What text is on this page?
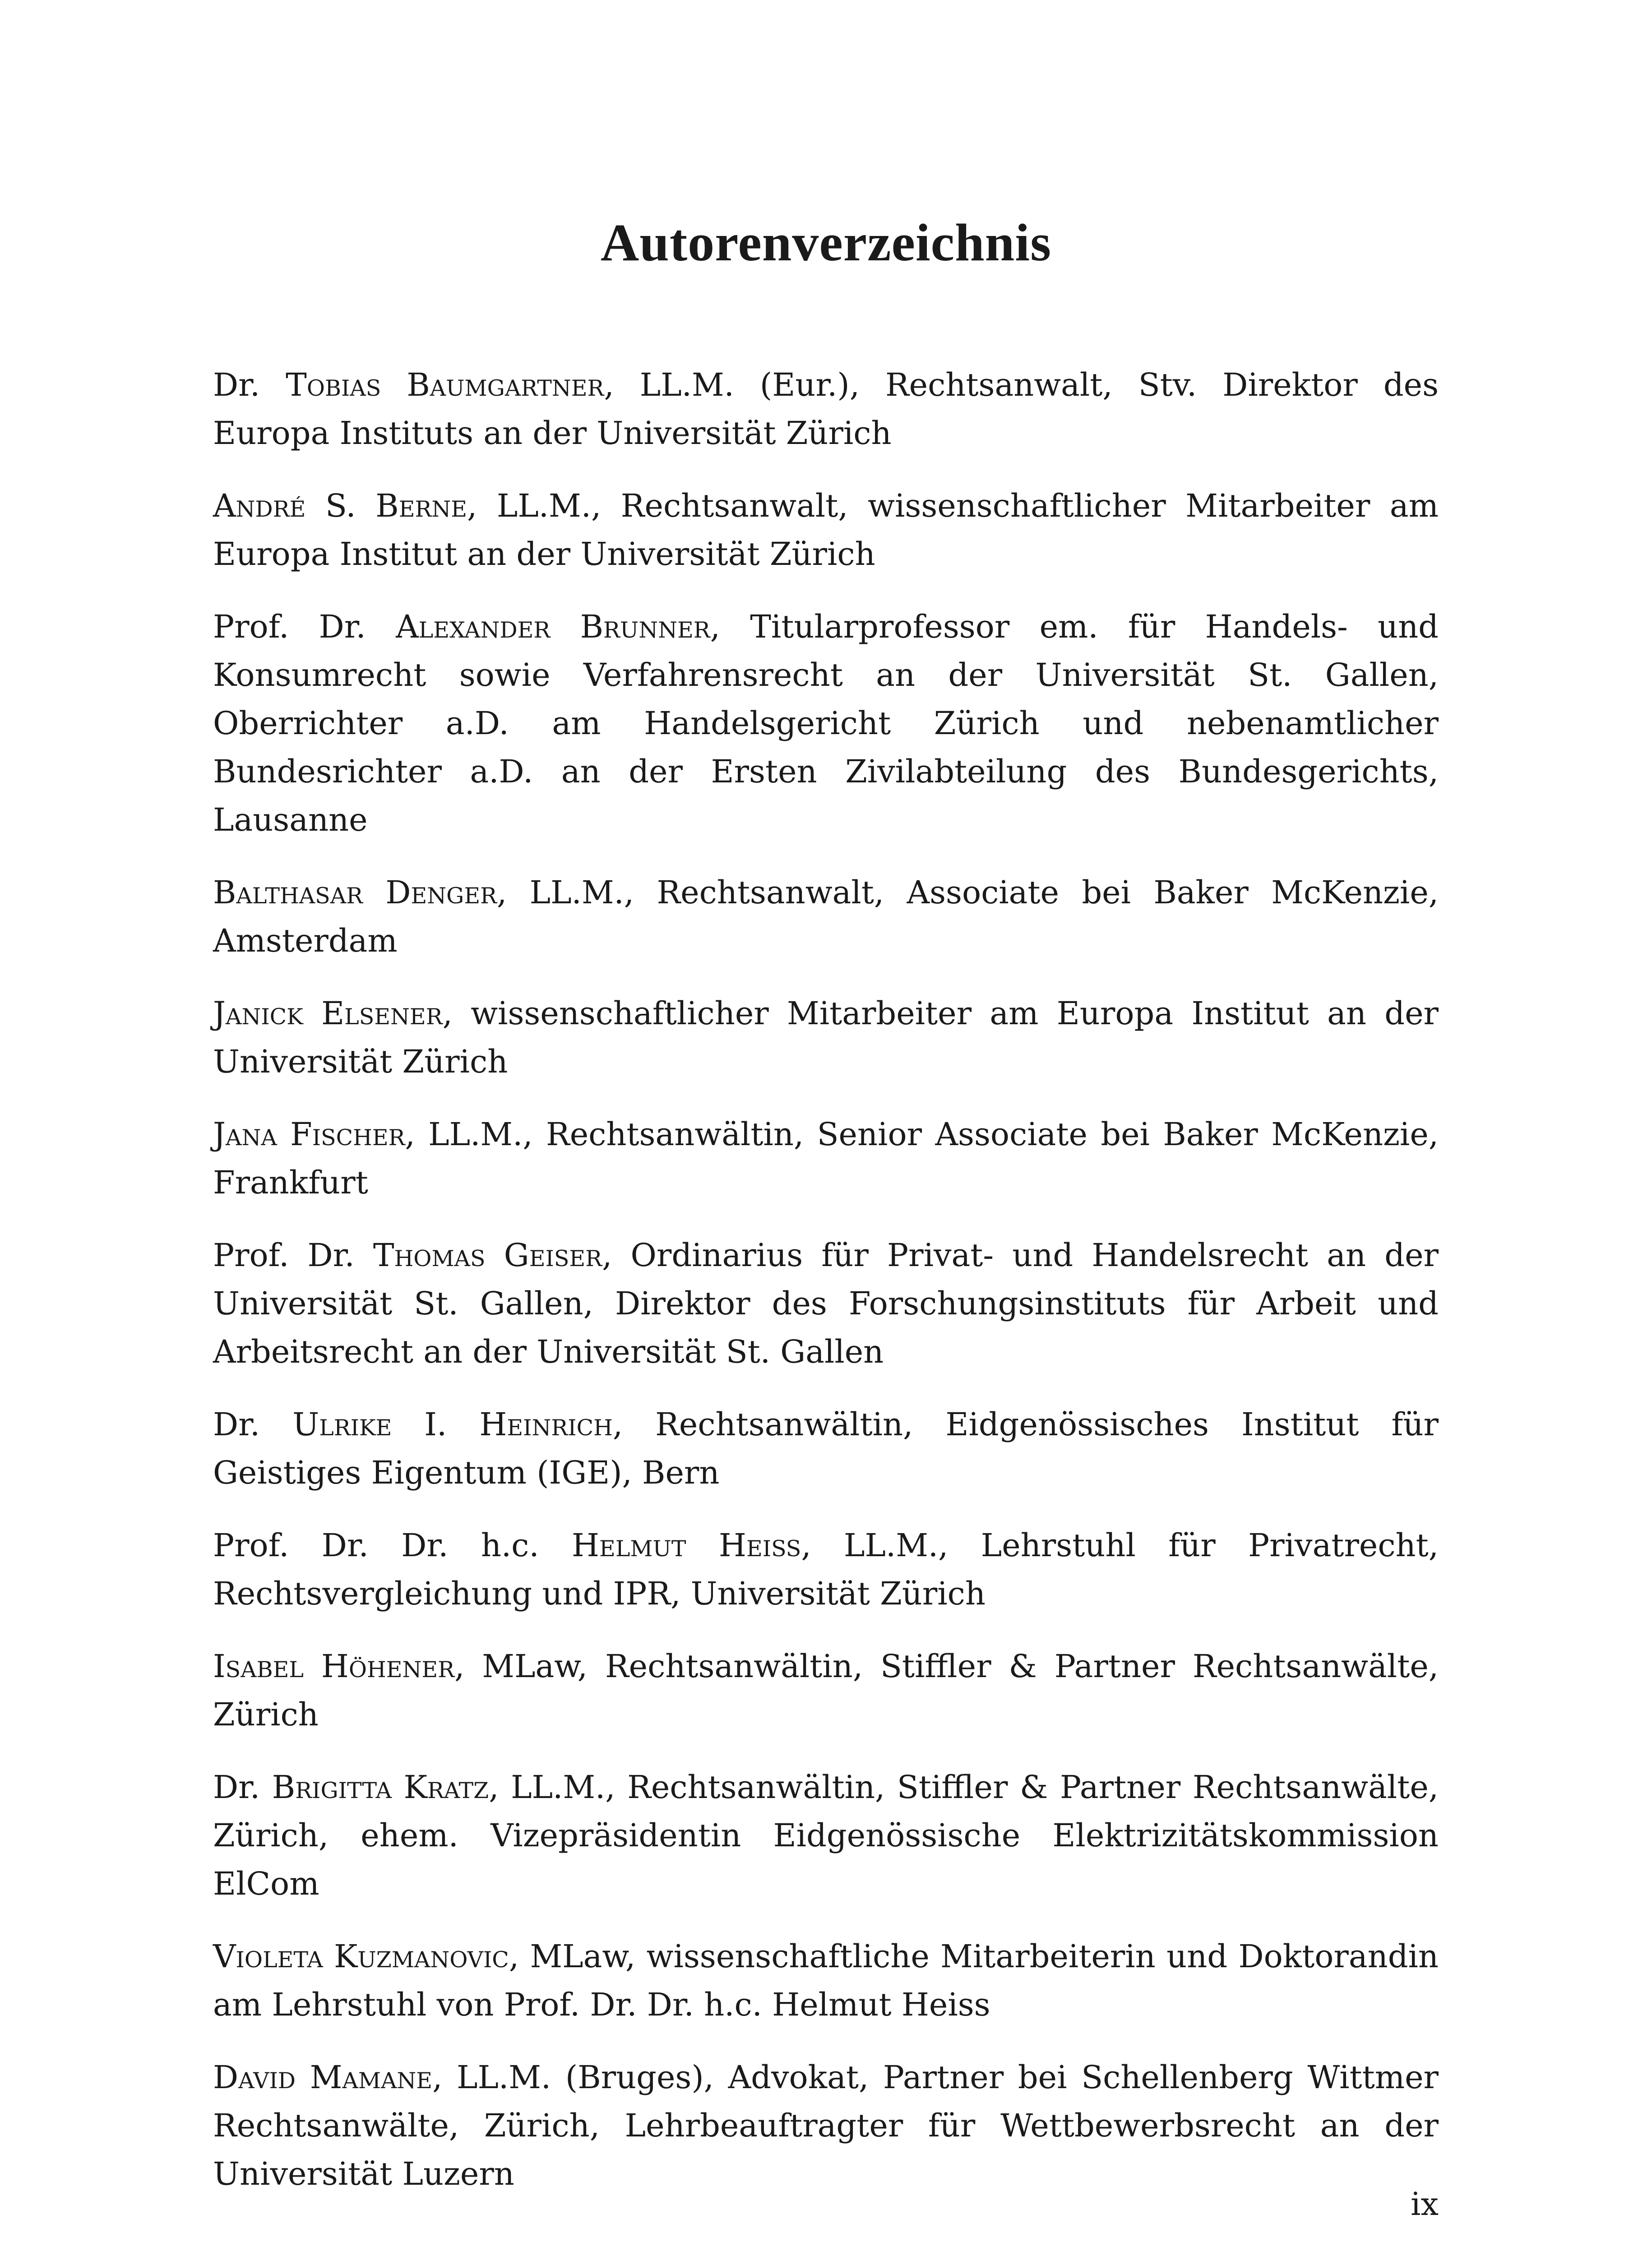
Autorenverzeichnis

Dr. Tobias Baumgartner, LL.M. (Eur.), Rechtsanwalt, Stv. Direktor des Europa Instituts an der Universität Zürich

André S. Berne, LL.M., Rechtsanwalt, wissenschaftlicher Mitarbeiter am Europa Institut an der Universität Zürich

Prof. Dr. Alexander Brunner, Titularprofessor em. für Handels- und Konsumrecht sowie Verfahrensrecht an der Universität St. Gallen, Oberrichter a.D. am Handelsgericht Zürich und nebenamtlicher Bundesrichter a.D. an der Ersten Zivilabteilung des Bundesgerichts, Lausanne

Balthasar Denger, LL.M., Rechtsanwalt, Associate bei Baker McKenzie, Amsterdam

Janick Elsener, wissenschaftlicher Mitarbeiter am Europa Institut an der Universität Zürich

Jana Fischer, LL.M., Rechtsanwältin, Senior Associate bei Baker McKenzie, Frankfurt

Prof. Dr. Thomas Geiser, Ordinarius für Privat- und Handelsrecht an der Universität St. Gallen, Direktor des Forschungsinstituts für Arbeit und Arbeitsrecht an der Universität St. Gallen

Dr. Ulrike I. Heinrich, Rechtsanwältin, Eidgenössisches Institut für Geistiges Eigentum (IGE), Bern

Prof. Dr. Dr. h.c. Helmut Heiss, LL.M., Lehrstuhl für Privatrecht, Rechtsvergleichung und IPR, Universität Zürich

Isabel Höhener, MLaw, Rechtsanwältin, Stiffler & Partner Rechtsanwälte, Zürich

Dr. Brigitta Kratz, LL.M., Rechtsanwältin, Stiffler & Partner Rechtsanwälte, Zürich, ehem. Vizepräsidentin Eidgenössische Elektrizitätskommission ElCom

Violeta Kuzmanovic, MLaw, wissenschaftliche Mitarbeiterin und Doktorandin am Lehrstuhl von Prof. Dr. Dr. h.c. Helmut Heiss

David Mamane, LL.M. (Bruges), Advokat, Partner bei Schellenberg Wittmer Rechtsanwälte, Zürich, Lehrbeauftragter für Wettbewerbsrecht an der Universität Luzern

ix
